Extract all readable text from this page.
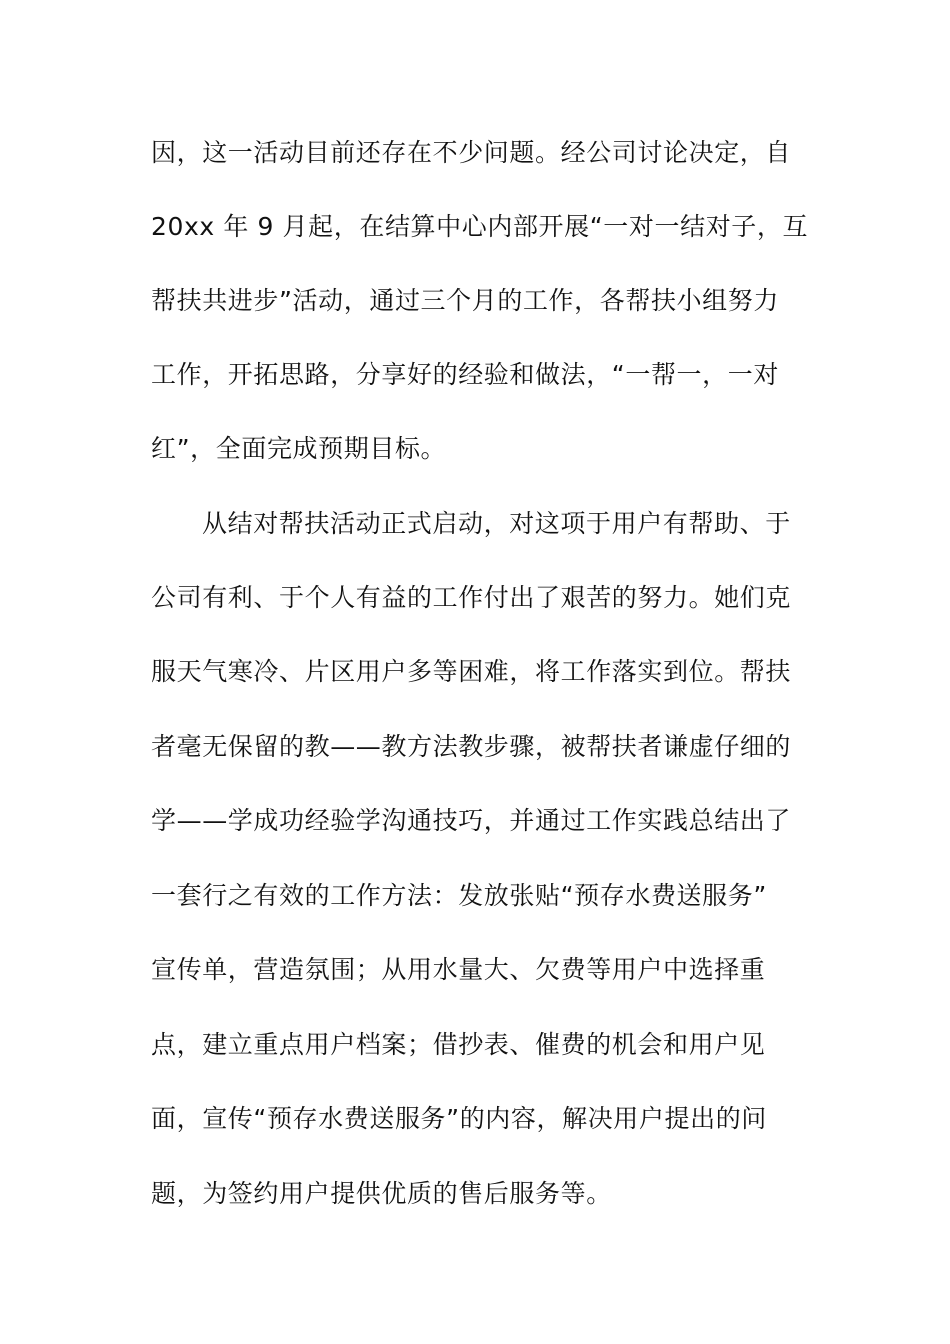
因，这一活动目前还存在不少问题。经公司讨论决定，自
20xx 年 9 月起，在结算中心内部开展“一对一结对子，互
帮扶共进步”活动，通过三个月的工作，各帮扶小组努力
工作，开拓思路，分享好的经验和做法，“一帮一，一对
红”，全面完成预期目标。
从结对帮扶活动正式启动，对这项于用户有帮助、于
公司有利、于个人有益的工作付出了艰苦的努力。她们克
服天气寒冷、片区用户多等困难，将工作落实到位。帮扶
者毫无保留的教——教方法教步骤，被帮扶者谦虚仔细的
学——学成功经验学沟通技巧，并通过工作实践总结出了
一套行之有效的工作方法：发放张贴“预存水费送服务”
宣传单，营造氛围；从用水量大、欠费等用户中选择重
点，建立重点用户档案；借抄表、催费的机会和用户见
面，宣传“预存水费送服务”的内容，解决用户提出的问
题，为签约用户提供优质的售后服务等。
